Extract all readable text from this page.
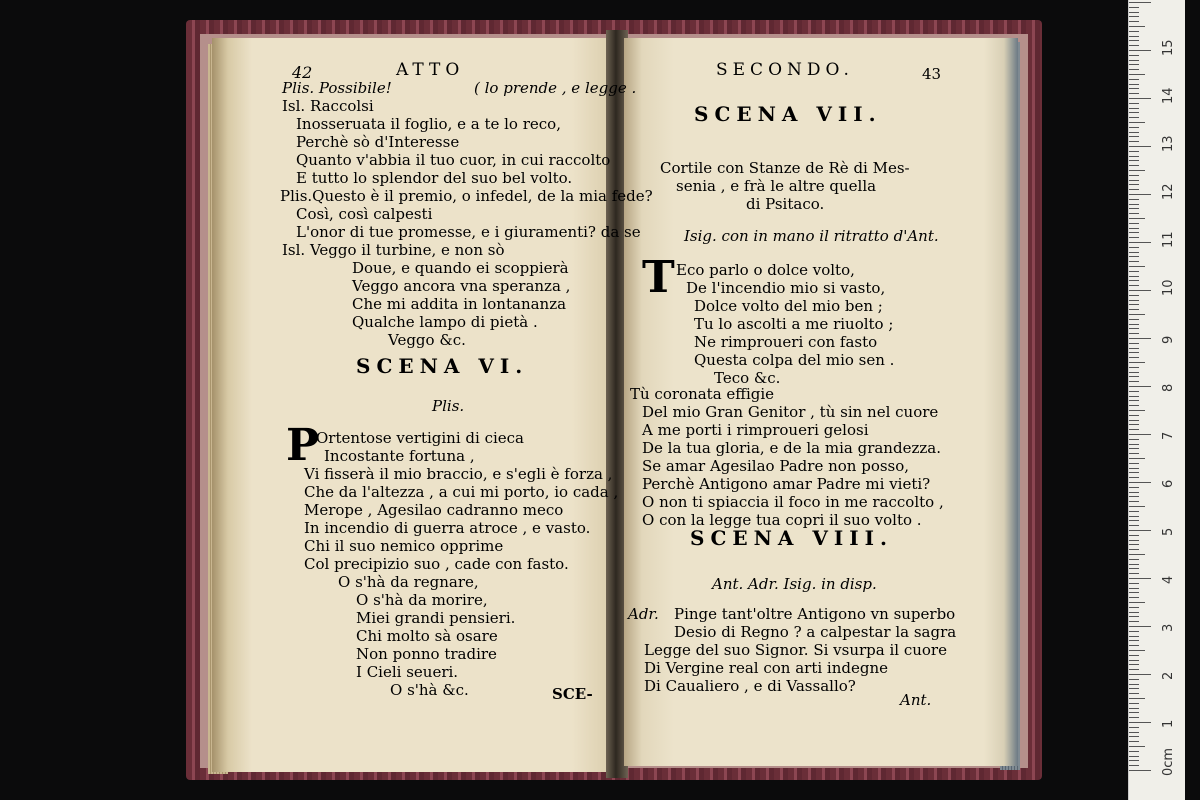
42	ATTO
SCENA VI.
P
SCE-
Plis. Possibile!	( lo prende , e legge .
Isl. Raccolsi
Inosseruata il foglio, e a te lo reco,
Perchè sò d'Interesse
Quanto v'abbia il tuo cuor, in cui raccolto
E tutto lo splendor del suo bel volto.
Plis.Questo è il premio, o infedel, de la mia fede?
Così, così calpesti
L'onor di tue promesse, e i giuramenti? da se
Isl. Veggo il turbine, e non sò
Doue, e quando ei scoppierà
Veggo ancora vna speranza ,
Che mi addita in lontananza
Qualche lampo di pietà .
Veggo &c.
Plis.
Ortentose vertigini di cieca
Incostante fortuna ,
Vi fisserà il mio braccio, e s'egli è forza ,
Che da l'altezza , a cui mi porto, io cada ,
Merope , Agesilao cadranno meco
In incendio di guerra atroce , e vasto.
Chi il suo nemico opprime
Col precipizio suo , cade con fasto.
O s'hà da regnare,
O s'hà da morire,
Miei grandi pensieri.
Chi molto sà osare
Non ponno tradire
I Cieli seueri.
O s'hà &c.
SECONDO.	43
SCENA VII.
T
SCENA VIII.
Cortile con Stanze de Rè di Mes-
senia , e frà le altre quella
di Psitaco.
Isig. con in mano il ritratto d'Ant.
Eco parlo o dolce volto,
De l'incendio mio si vasto,
Dolce volto del mio ben ;
Tu lo ascolti a me riuolto ;
Ne rimproueri con fasto
Questa colpa del mio sen .
Teco &c.
Tù coronata effigie
Del mio Gran Genitor , tù sin nel cuore
A me porti i rimproueri gelosi
De la tua gloria, e de la mia grandezza.
Se amar Agesilao Padre non posso,
Perchè Antigono amar Padre mi vieti?
O non ti spiaccia il foco in me raccolto ,
O con la legge tua copri il suo volto .
Ant. Adr. Isig. in disp.
Adr. Pinge tant'oltre Antigono vn superbo
Desio di Regno ? a calpestar la sagra
Legge del suo Signor. Si vsurpa il cuore
Di Vergine real con arti indegne
Di Caualiero , e di Vassallo?
Ant.
0cm
1
2
3
4
5
6
7
8
9
10
11
12
13
14
15
